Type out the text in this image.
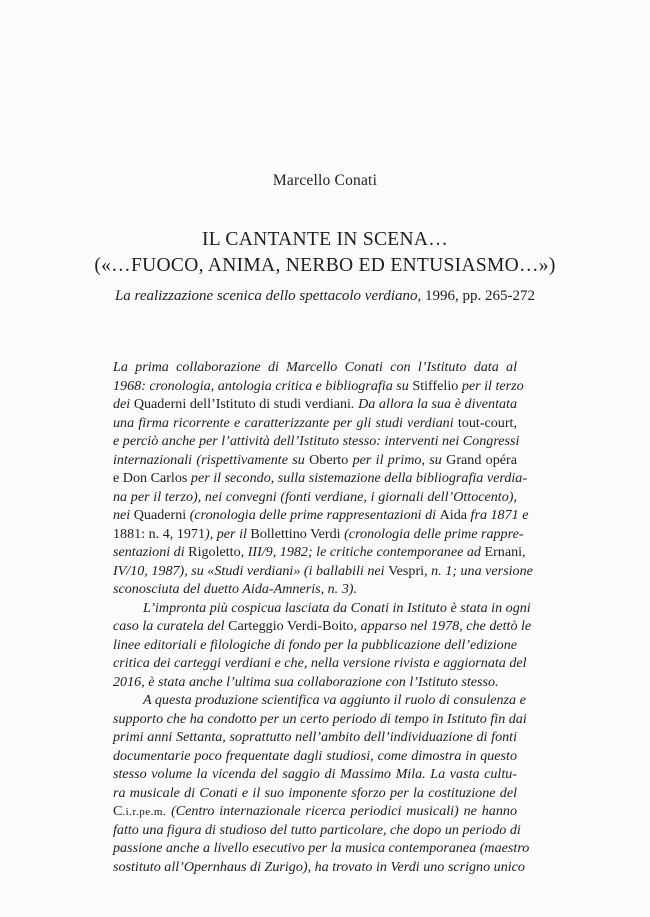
Marcello Conati
IL CANTANTE IN SCENA…
(«…FUOCO, ANIMA, NERBO ED ENTUSIASMO…»)
La realizzazione scenica dello spettacolo verdiano, 1996, pp. 265-272
La prima collaborazione di Marcello Conati con l’Istituto data al
1968: cronologia, antologia critica e bibliografia su Stiffelio per il terzo
dei Quaderni dell’Istituto di studi verdiani. Da allora la sua è diventata
una firma ricorrente e caratterizzante per gli studi verdiani tout-court,
e perciò anche per l’attività dell’Istituto stesso: interventi nei Congressi
internazionali (rispettivamente su Oberto per il primo, su Grand opéra
e Don Carlos per il secondo, sulla sistemazione della bibliografia verdia-
na per il terzo), nei convegni (fonti verdiane, i giornali dell’Ottocento),
nei Quaderni (cronologia delle prime rappresentazioni di Aida fra 1871 e
1881: n. 4, 1971), per il Bollettino Verdi (cronologia delle prime rappre-
sentazioni di Rigoletto, III/9, 1982; le critiche contemporanee ad Ernani,
IV/10, 1987), su «Studi verdiani» (i ballabili nei Vespri, n. 1; una versione
sconosciuta del duetto Aida-Amneris, n. 3).
L’impronta più cospicua lasciata da Conati in Istituto è stata in ogni
caso la curatela del Carteggio Verdi-Boito, apparso nel 1978, che dettò le
linee editoriali e filologiche di fondo per la pubblicazione dell’edizione
critica dei carteggi verdiani e che, nella versione rivista e aggiornata del
2016, è stata anche l’ultima sua collaborazione con l’Istituto stesso.
A questa produzione scientifica va aggiunto il ruolo di consulenza e
supporto che ha condotto per un certo periodo di tempo in Istituto fin dai
primi anni Settanta, soprattutto nell’ambito dell’individuazione di fonti
documentarie poco frequentate dagli studiosi, come dimostra in questo
stesso volume la vicenda del saggio di Massimo Mila. La vasta cultu-
ra musicale di Conati e il suo imponente sforzo per la costituzione del
C.i.r.pe.m. (Centro internazionale ricerca periodici musicali) ne hanno
fatto una figura di studioso del tutto particolare, che dopo un periodo di
passione anche a livello esecutivo per la musica contemporanea (maestro
sostituto all’Opernhaus di Zurigo), ha trovato in Verdi uno scrigno unico
